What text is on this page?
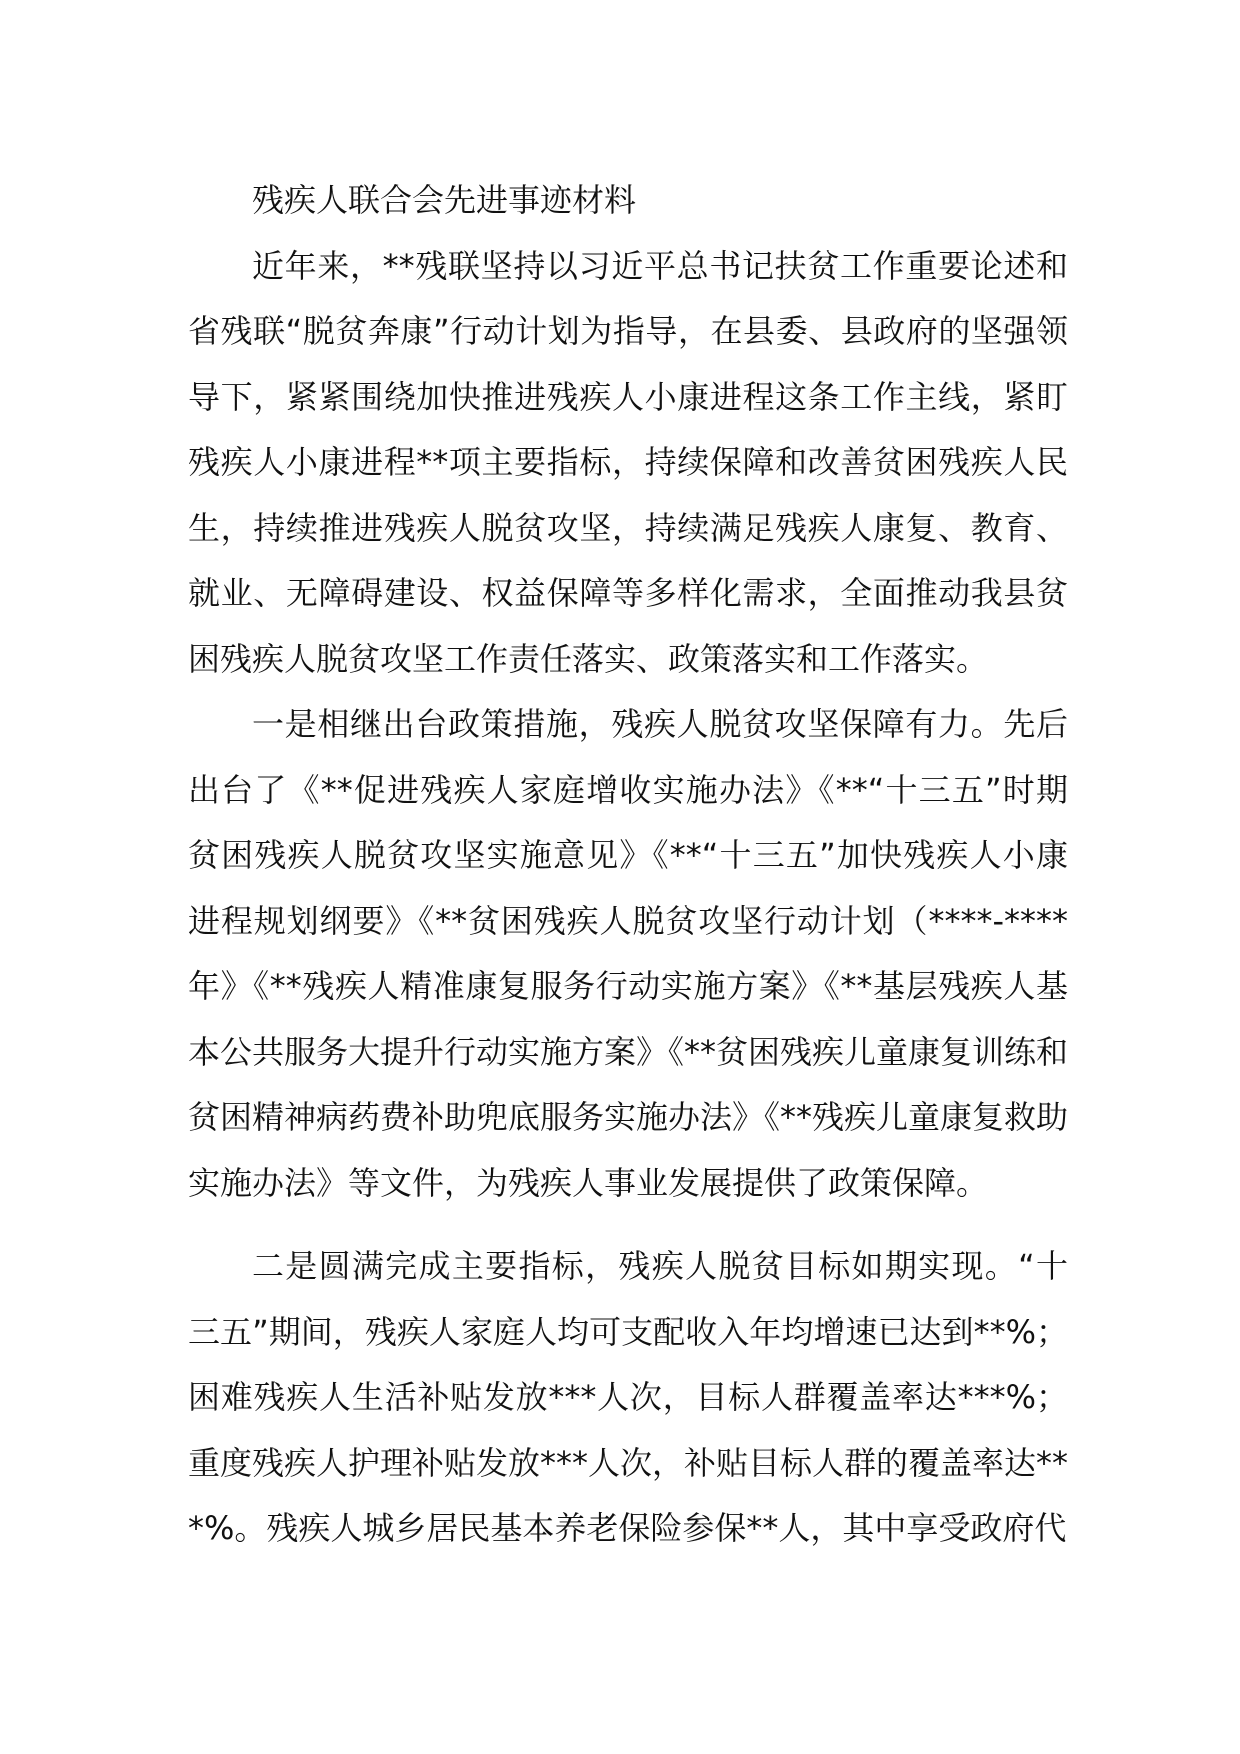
残疾人联合会先进事迹材料

近年来，**残联坚持以习近平总书记扶贫工作重要论述和省残联“脱贫奔康”行动计划为指导，在县委、县政府的坚强领导下，紧紧围绕加快推进残疾人小康进程这条工作主线，紧盯残疾人小康进程**项主要指标，持续保障和改善贫困残疾人民生，持续推进残疾人脱贫攻坚，持续满足残疾人康复、教育、就业、无障碍建设、权益保障等多样化需求，全面推动我县贫困残疾人脱贫攻坚工作责任落实、政策落实和工作落实。

一是相继出台政策措施，残疾人脱贫攻坚保障有力。先后出台了《**促进残疾人家庭增收实施办法》《**“十三五”时期贫困残疾人脱贫攻坚实施意见》《**“十三五”加快残疾人小康进程规划纲要》《**贫困残疾人脱贫攻坚行动计划（****-****年》《**残疾人精准康复服务行动实施方案》《**基层残疾人基本公共服务大提升行动实施方案》《**贫困残疾儿童康复训练和贫困精神病药费补助兜底服务实施办法》《**残疾儿童康复救助实施办法》等文件，为残疾人事业发展提供了政策保障。

二是圆满完成主要指标，残疾人脱贫目标如期实现。“十三五”期间，残疾人家庭人均可支配收入年均增速已达到**%；困难残疾人生活补贴发放***人次，目标人群覆盖率达***%；重度残疾人护理补贴发放***人次，补贴目标人群的覆盖率达***%。残疾人城乡居民基本养老保险参保**人，其中享受政府代
